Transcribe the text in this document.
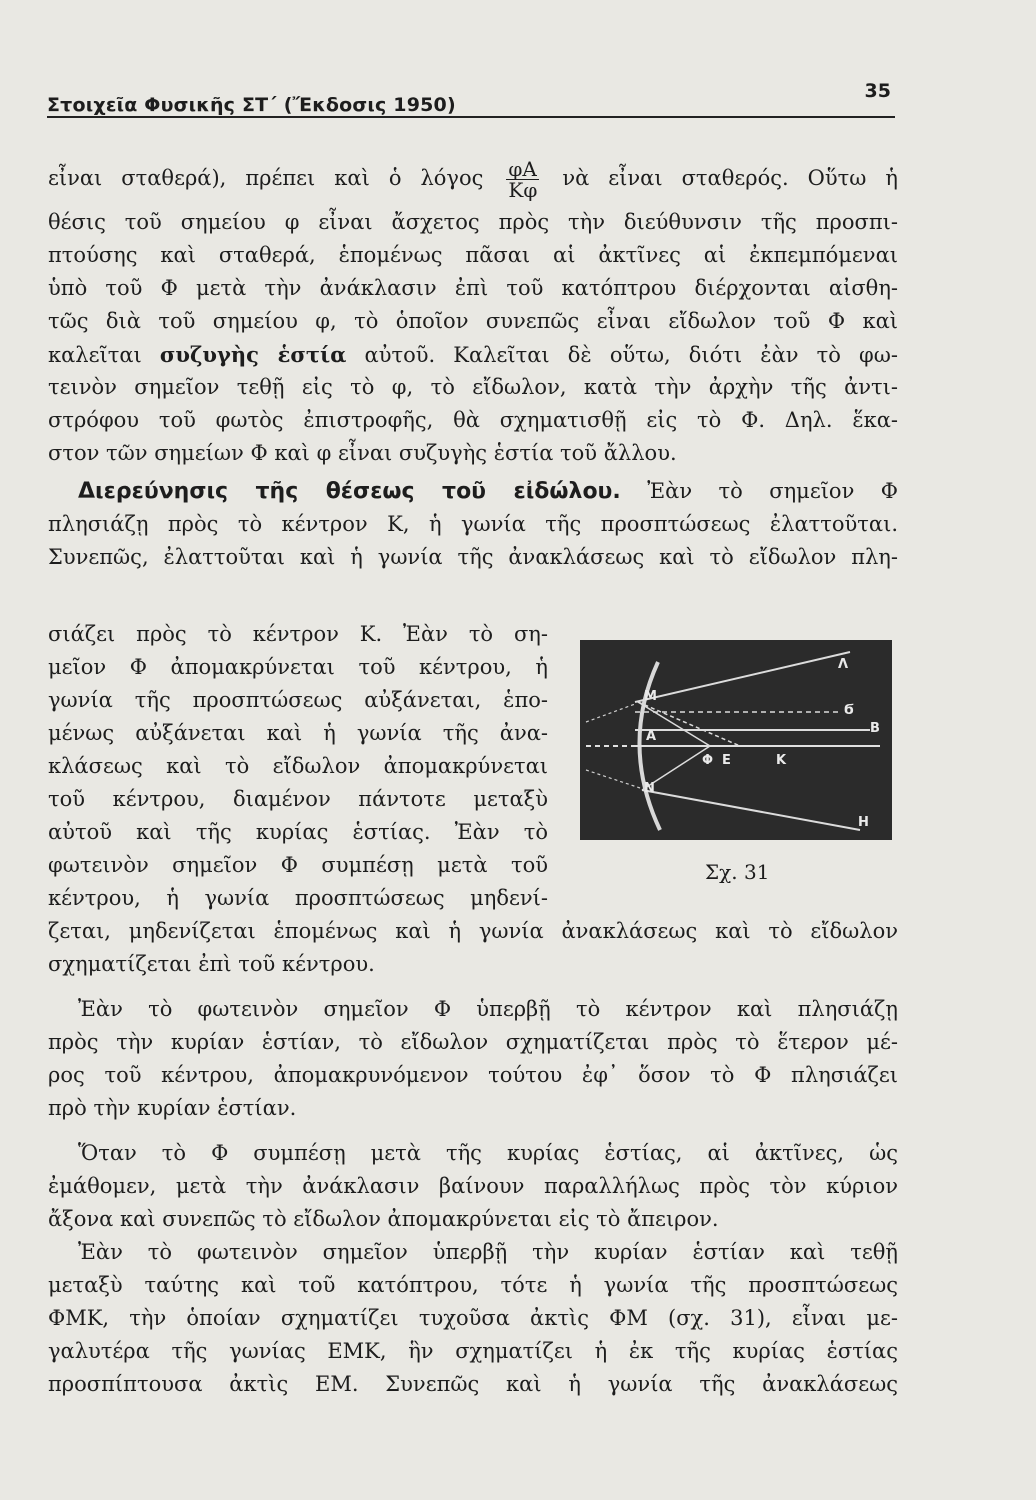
Στοιχεῖα Φυσικῆς ΣΤ΄ (Ἔκδοσις 1950)
35
εἶναι σταθερά), πρέπει καὶ ὁ λόγος $\frac{\varphi A}{K\varphi}$ νὰ εἶναι σταθερός. Οὕτω ἡ
θέσις τοῦ σημείου φ εἶναι ἄσχετος πρὸς τὴν διεύθυνσιν τῆς προσπι-
πτούσης καὶ σταθερά, ἑπομένως πᾶσαι αἱ ἀκτῖνες αἱ ἐκπεμπόμεναι
ὑπὸ τοῦ Φ μετὰ τὴν ἀνάκλασιν ἐπὶ τοῦ κατόπτρου διέρχονται αἰσθη-
τῶς διὰ τοῦ σημείου φ, τὸ ὁποῖον συνεπῶς εἶναι εἴδωλον τοῦ Φ καὶ
καλεῖται συζυγὴς ἑστία αὐτοῦ. Καλεῖται δὲ οὕτω, διότι ἐὰν τὸ φω-
τεινὸν σημεῖον τεθῇ εἰς τὸ φ, τὸ εἴδωλον, κατὰ τὴν ἀρχὴν τῆς ἀντι-
στρόφου τοῦ φωτὸς ἐπιστροφῆς, θὰ σχηματισθῇ εἰς τὸ Φ. Δηλ. ἕκα-
στον τῶν σημείων Φ καὶ φ εἶναι συζυγὴς ἑστία τοῦ ἄλλου.
Διερεύνησις τῆς θέσεως τοῦ εἰδώλου. Ἐὰν τὸ σημεῖον Φ
πλησιάζῃ πρὸς τὸ κέντρον Κ, ἡ γωνία τῆς προσπτώσεως ἐλαττοῦται.
Συνεπῶς, ἐλαττοῦται καὶ ἡ γωνία τῆς ἀνακλάσεως καὶ τὸ εἴδωλον πλη-
σιάζει πρὸς τὸ κέντρον Κ. Ἐὰν τὸ ση-
μεῖον Φ ἀπομακρύνεται τοῦ κέντρου, ἡ
γωνία τῆς προσπτώσεως αὐξάνεται, ἑπο-
μένως αὐξάνεται καὶ ἡ γωνία τῆς ἀνα-
κλάσεως καὶ τὸ εἴδωλον ἀπομακρύνεται
τοῦ κέντρου, διαμένον πάντοτε μεταξὺ
αὐτοῦ καὶ τῆς κυρίας ἑστίας. Ἐὰν τὸ
φωτεινὸν σημεῖον Φ συμπέσῃ μετὰ τοῦ
κέντρου, ἡ γωνία προσπτώσεως μηδενί-
M
A
N
Φ E	K
Λ
Ϭ
B
H
Σχ. 31
ζεται, μηδενίζεται ἑπομένως καὶ ἡ γωνία ἀνακλάσεως καὶ τὸ εἴδωλον
σχηματίζεται ἐπὶ τοῦ κέντρου.
Ἐὰν τὸ φωτεινὸν σημεῖον Φ ὑπερβῇ τὸ κέντρον καὶ πλησιάζῃ
πρὸς τὴν κυρίαν ἑστίαν, τὸ εἴδωλον σχηματίζεται πρὸς τὸ ἕτερον μέ-
ρος τοῦ κέντρου, ἀπομακρυνόμενον τούτου ἐφ᾽ ὅσον τὸ Φ πλησιάζει
πρὸ τὴν κυρίαν ἑστίαν.
Ὅταν τὸ Φ συμπέσῃ μετὰ τῆς κυρίας ἑστίας, αἱ ἀκτῖνες, ὡς
ἐμάθομεν, μετὰ τὴν ἀνάκλασιν βαίνουν παραλλήλως πρὸς τὸν κύριον
ἄξονα καὶ συνεπῶς τὸ εἴδωλον ἀπομακρύνεται εἰς τὸ ἄπειρον.
Ἐὰν τὸ φωτεινὸν σημεῖον ὑπερβῇ τὴν κυρίαν ἑστίαν καὶ τεθῇ
μεταξὺ ταύτης καὶ τοῦ κατόπτρου, τότε ἡ γωνία τῆς προσπτώσεως
ΦΜΚ, τὴν ὁποίαν σχηματίζει τυχοῦσα ἀκτὶς ΦΜ (σχ. 31), εἶναι με-
γαλυτέρα τῆς γωνίας ΕΜΚ, ἣν σχηματίζει ἡ ἐκ τῆς κυρίας ἑστίας
προσπίπτουσα ἀκτὶς ΕΜ. Συνεπῶς καὶ ἡ γωνία τῆς ἀνακλάσεως
